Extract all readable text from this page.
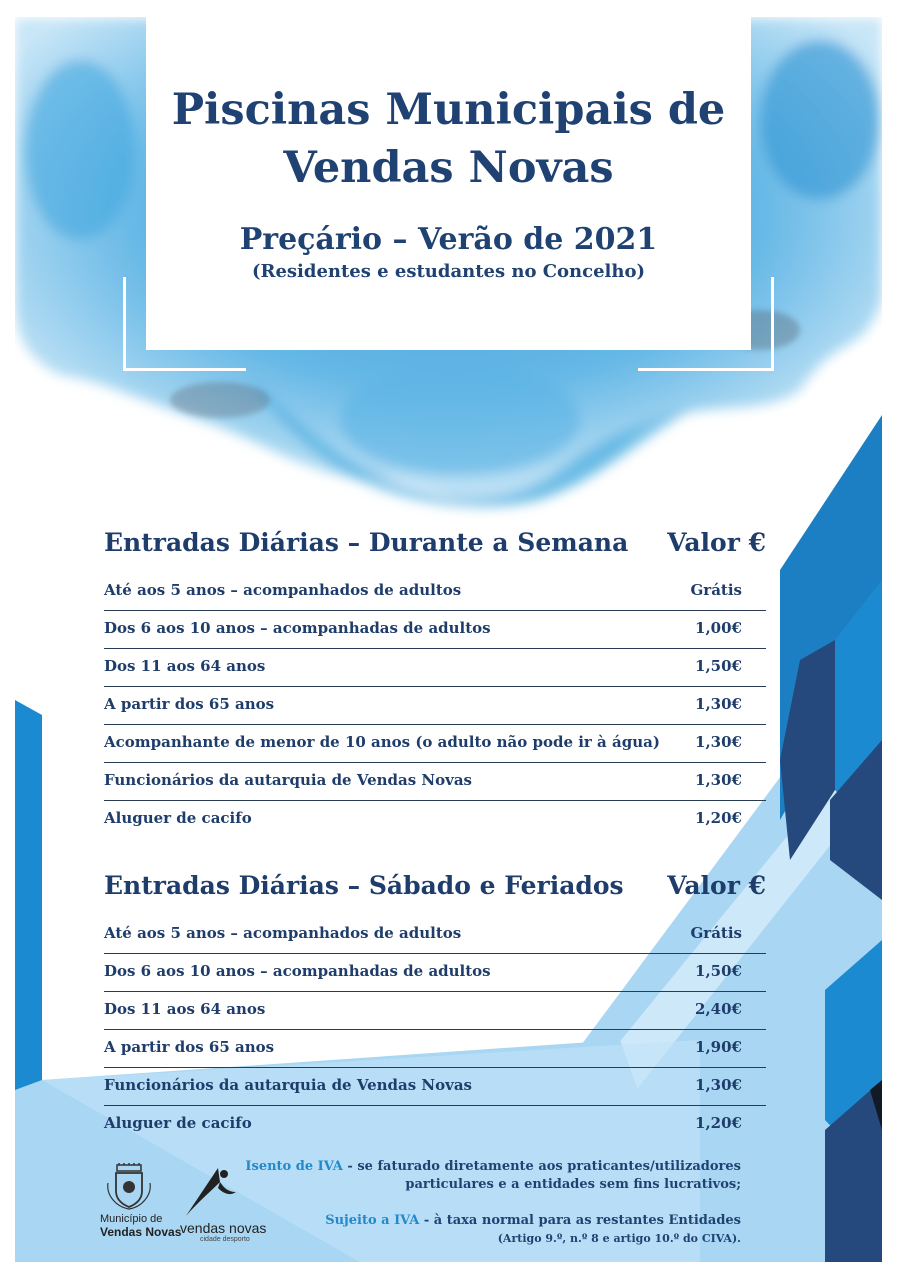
Piscinas Municipais de
Vendas Novas
Preçário – Verão de 2021
(Residentes e estudantes no Concelho)
Entradas Diárias – Durante a Semana Valor €
Até aos 5 anos – acompanhados de adultos	Grátis
Dos 6 aos 10 anos – acompanhadas de adultos	1,00€
Dos 11 aos 64 anos	1,50€
A partir dos 65 anos	1,30€
Acompanhante de menor de 10 anos (o adulto não pode ir à água) 1,30€
Funcionários da autarquia de Vendas Novas	1,30€
Aluguer de cacifo	1,20€
Entradas Diárias – Sábado e Feriados Valor €
Até aos 5 anos – acompanhados de adultos	Grátis
Dos 6 aos 10 anos – acompanhadas de adultos	1,50€
Dos 11 aos 64 anos	2,40€
A partir dos 65 anos	1,90€
Funcionários da autarquia de Vendas Novas	1,30€
Aluguer de cacifo	1,20€
Município de
Vendas Novas
vendas novas
cidade desporto
Isento de IVA - se faturado diretamente aos praticantes/utilizadores
particulares e a entidades sem fins lucrativos;
Sujeito a IVA - à taxa normal para as restantes Entidades
(Artigo 9.º, n.º 8 e artigo 10.º do CIVA).
